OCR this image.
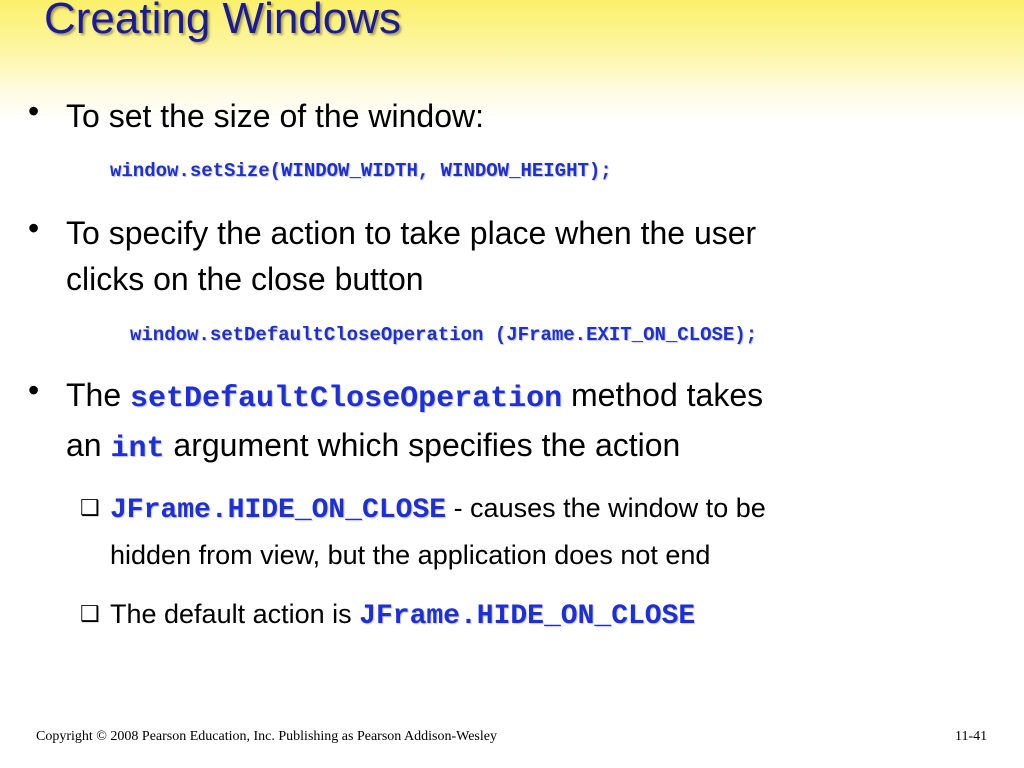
Creating Windows
• To set the size of the window:
window.setSize(WINDOW_WIDTH, WINDOW_HEIGHT);
• To specify the action to take place when the user
clicks on the close button
window.setDefaultCloseOperation (JFrame.EXIT_ON_CLOSE);
• The setDefaultCloseOperation method takes
an int argument which specifies the action
❑ JFrame.HIDE_ON_CLOSE - causes the window to be
hidden from view, but the application does not end
❑ The default action is JFrame.HIDE_ON_CLOSE
Copyright © 2008 Pearson Education, Inc. Publishing as Pearson Addison-Wesley	11-41
